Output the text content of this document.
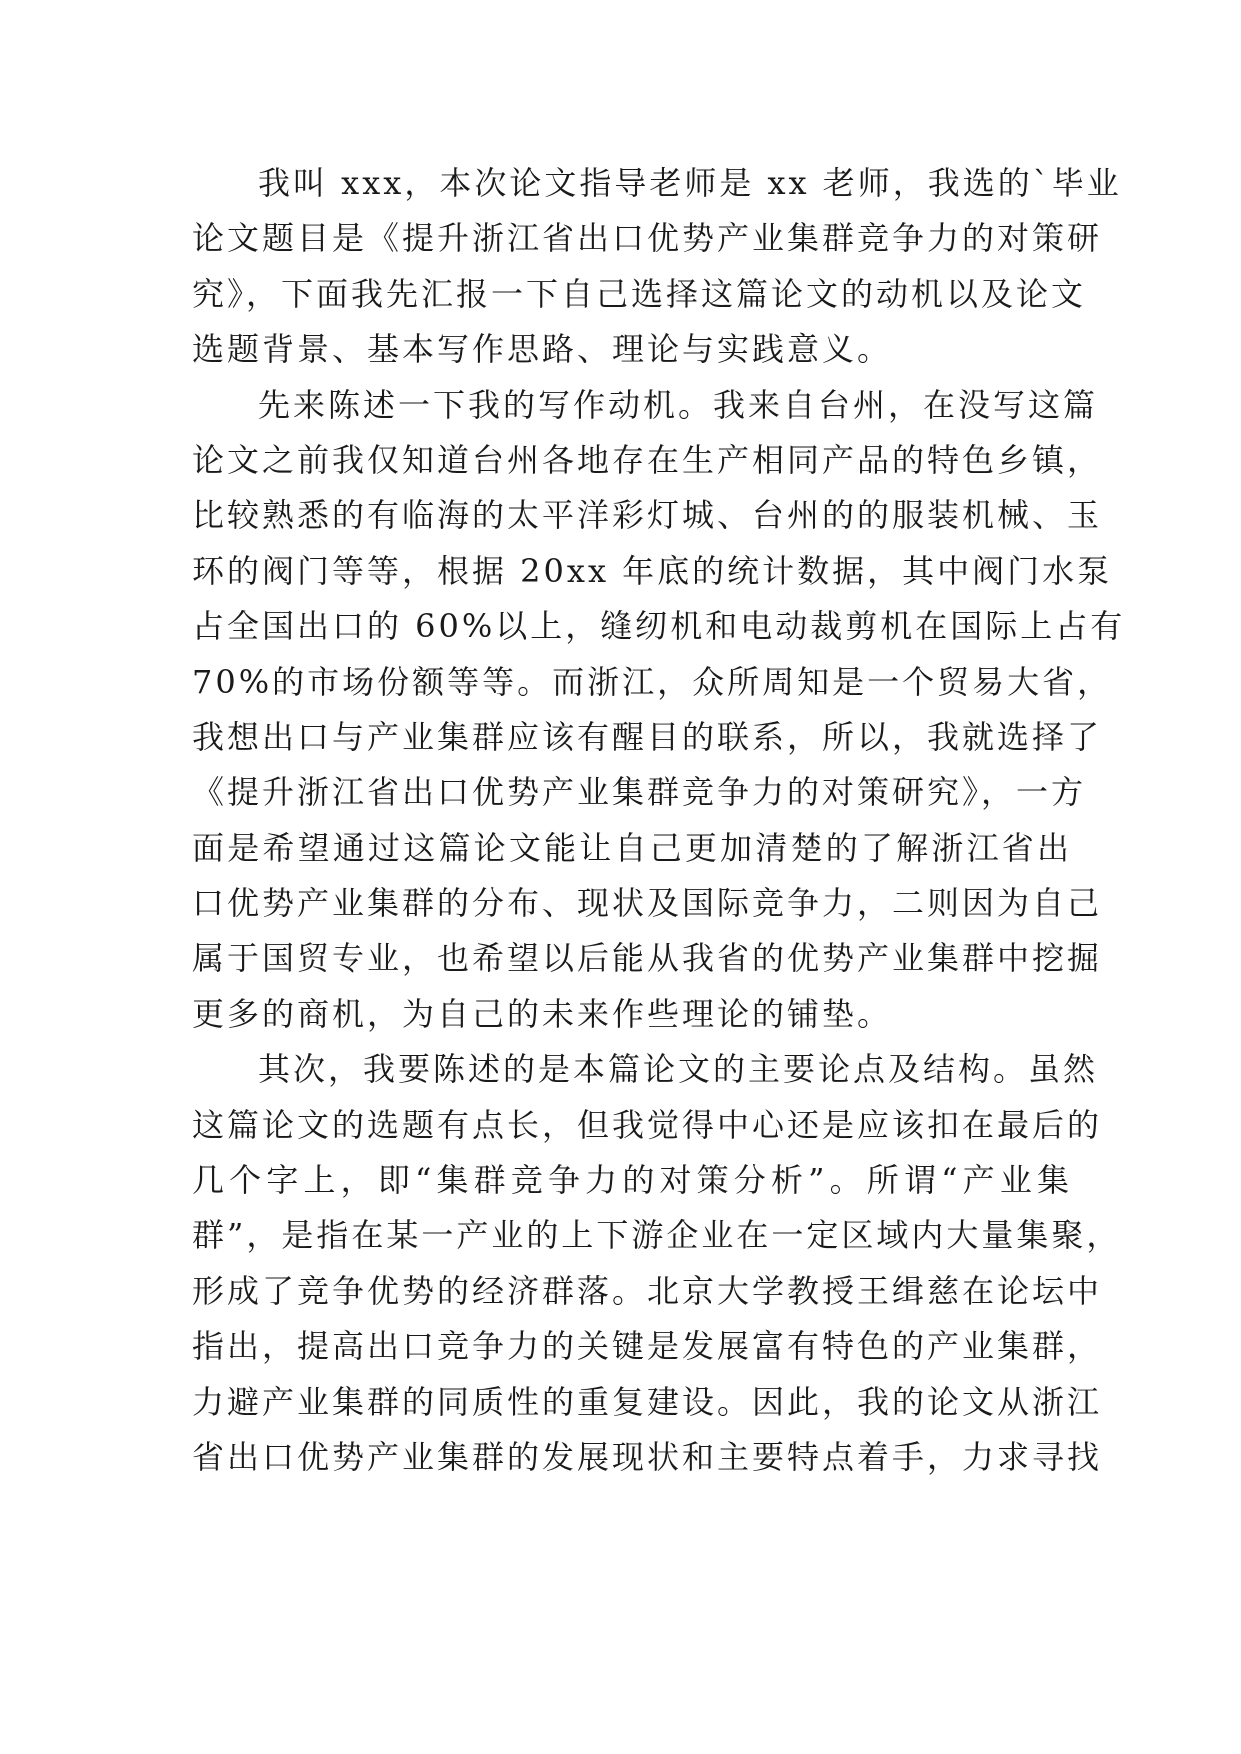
我叫 xxx，本次论文指导老师是 xx 老师，我选的`毕业
论文题目是《提升浙江省出口优势产业集群竞争力的对策研
究》，下面我先汇报一下自己选择这篇论文的动机以及论文
选题背景、基本写作思路、理论与实践意义。
先来陈述一下我的写作动机。我来自台州，在没写这篇
论文之前我仅知道台州各地存在生产相同产品的特色乡镇，
比较熟悉的有临海的太平洋彩灯城、台州的的服装机械、玉
环的阀门等等，根据 20xx 年底的统计数据，其中阀门水泵
占全国出口的 60%以上，缝纫机和电动裁剪机在国际上占有
70%的市场份额等等。而浙江，众所周知是一个贸易大省，
我想出口与产业集群应该有醒目的联系，所以，我就选择了
《提升浙江省出口优势产业集群竞争力的对策研究》，一方
面是希望通过这篇论文能让自己更加清楚的了解浙江省出
口优势产业集群的分布、现状及国际竞争力，二则因为自己
属于国贸专业，也希望以后能从我省的优势产业集群中挖掘
更多的商机，为自己的未来作些理论的铺垫。
其次，我要陈述的是本篇论文的主要论点及结构。虽然
这篇论文的选题有点长，但我觉得中心还是应该扣在最后的
几个字上，即“集群竞争力的对策分析”。所谓“产业集
群”，是指在某一产业的上下游企业在一定区域内大量集聚，
形成了竞争优势的经济群落。北京大学教授王缉慈在论坛中
指出，提高出口竞争力的关键是发展富有特色的产业集群，
力避产业集群的同质性的重复建设。因此，我的论文从浙江
省出口优势产业集群的发展现状和主要特点着手，力求寻找
